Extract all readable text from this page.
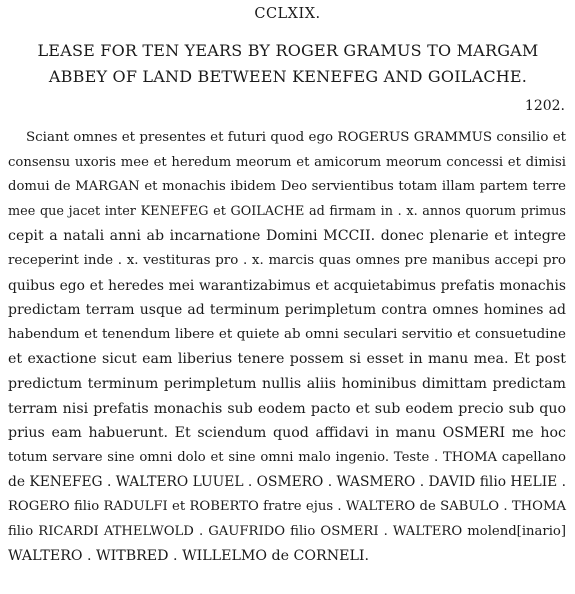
CCLXIX.
LEASE FOR TEN YEARS BY ROGER GRAMUS TO MARGAM
ABBEY OF LAND BETWEEN KENEFEG AND GOILACHE.
1202.
Sciant omnes et presentes et futuri quod ego ROGERUS GRAMMUS consilio et
consensu uxoris mee et heredum meorum et amicorum meorum concessi et dimisi
domui de MARGAN et monachis ibidem Deo servientibus totam illam partem terre
mee que jacet inter KENEFEG et GOILACHE ad firmam in . x. annos quorum primus
cepit a natali anni ab incarnatione Domini MCCII. donec plenarie et integre
receperint inde . x. vestituras pro . x. marcis quas omnes pre manibus accepi pro
quibus ego et heredes mei warantizabimus et acquietabimus prefatis monachis
predictam terram usque ad terminum perimpletum contra omnes homines ad
habendum et tenendum libere et quiete ab omni seculari servitio et consuetudine
et exactione sicut eam liberius tenere possem si esset in manu mea. Et post
predictum terminum perimpletum nullis aliis hominibus dimittam predictam
terram nisi prefatis monachis sub eodem pacto et sub eodem precio sub quo
prius eam habuerunt. Et sciendum quod affidavi in manu OSMERI me hoc
totum servare sine omni dolo et sine omni malo ingenio. Teste . THOMA capellano
de KENEFEG . WALTERO LUUEL . OSMERO . WASMERO . DAVID filio HELIE .
ROGERO filio RADULFI et ROBERTO fratre ejus . WALTERO de SABULO . THOMA
filio RICARDI ATHELWOLD . GAUFRIDO filio OSMERI . WALTERO molend[inario]
WALTERO . WITBRED . WILLELMO de CORNELI.
